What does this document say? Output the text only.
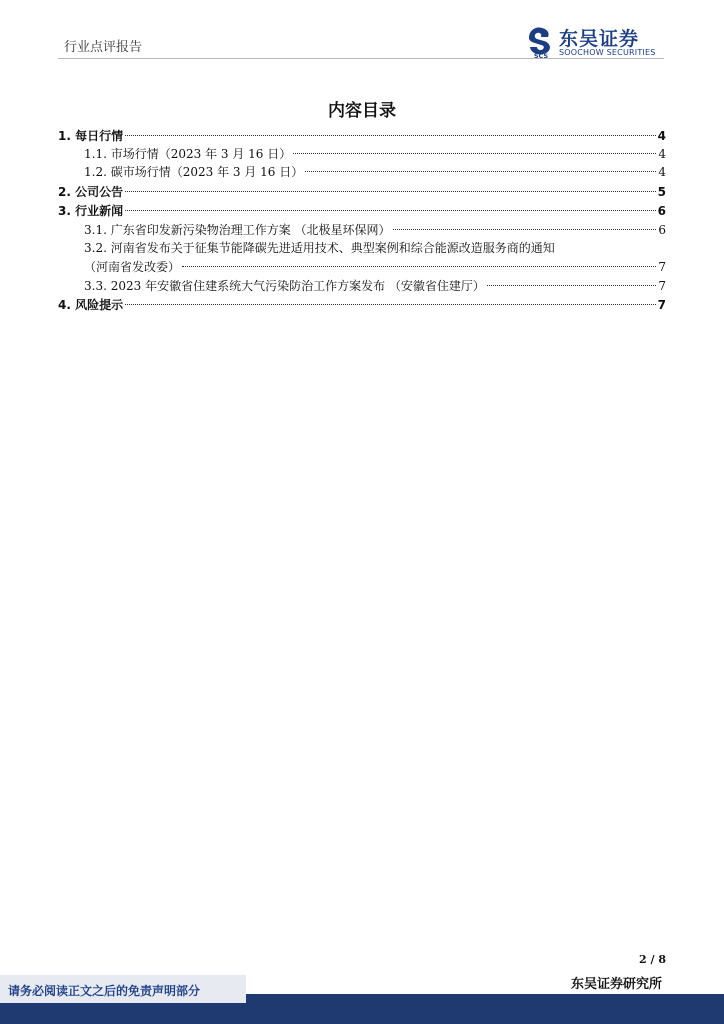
行业点评报告
SCS
东吴证券
SOOCHOW SECURITIES
内容目录
1. 每日行情	4
1.1. 市场行情（2023 年 3 月 16 日）	4
1.2. 碳市场行情（2023 年 3 月 16 日）	4
2. 公司公告	5
3. 行业新闻	6
3.1. 广东省印发新污染物治理工作方案 （北极星环保网）	6
3.2. 河南省发布关于征集节能降碳先进适用技术、典型案例和综合能源改造服务商的通知
（河南省发改委）	7
3.3. 2023 年安徽省住建系统大气污染防治工作方案发布 （安徽省住建厅）	7
4. 风险提示	7
2 / 8
东吴证券研究所
请务必阅读正文之后的免责声明部分
